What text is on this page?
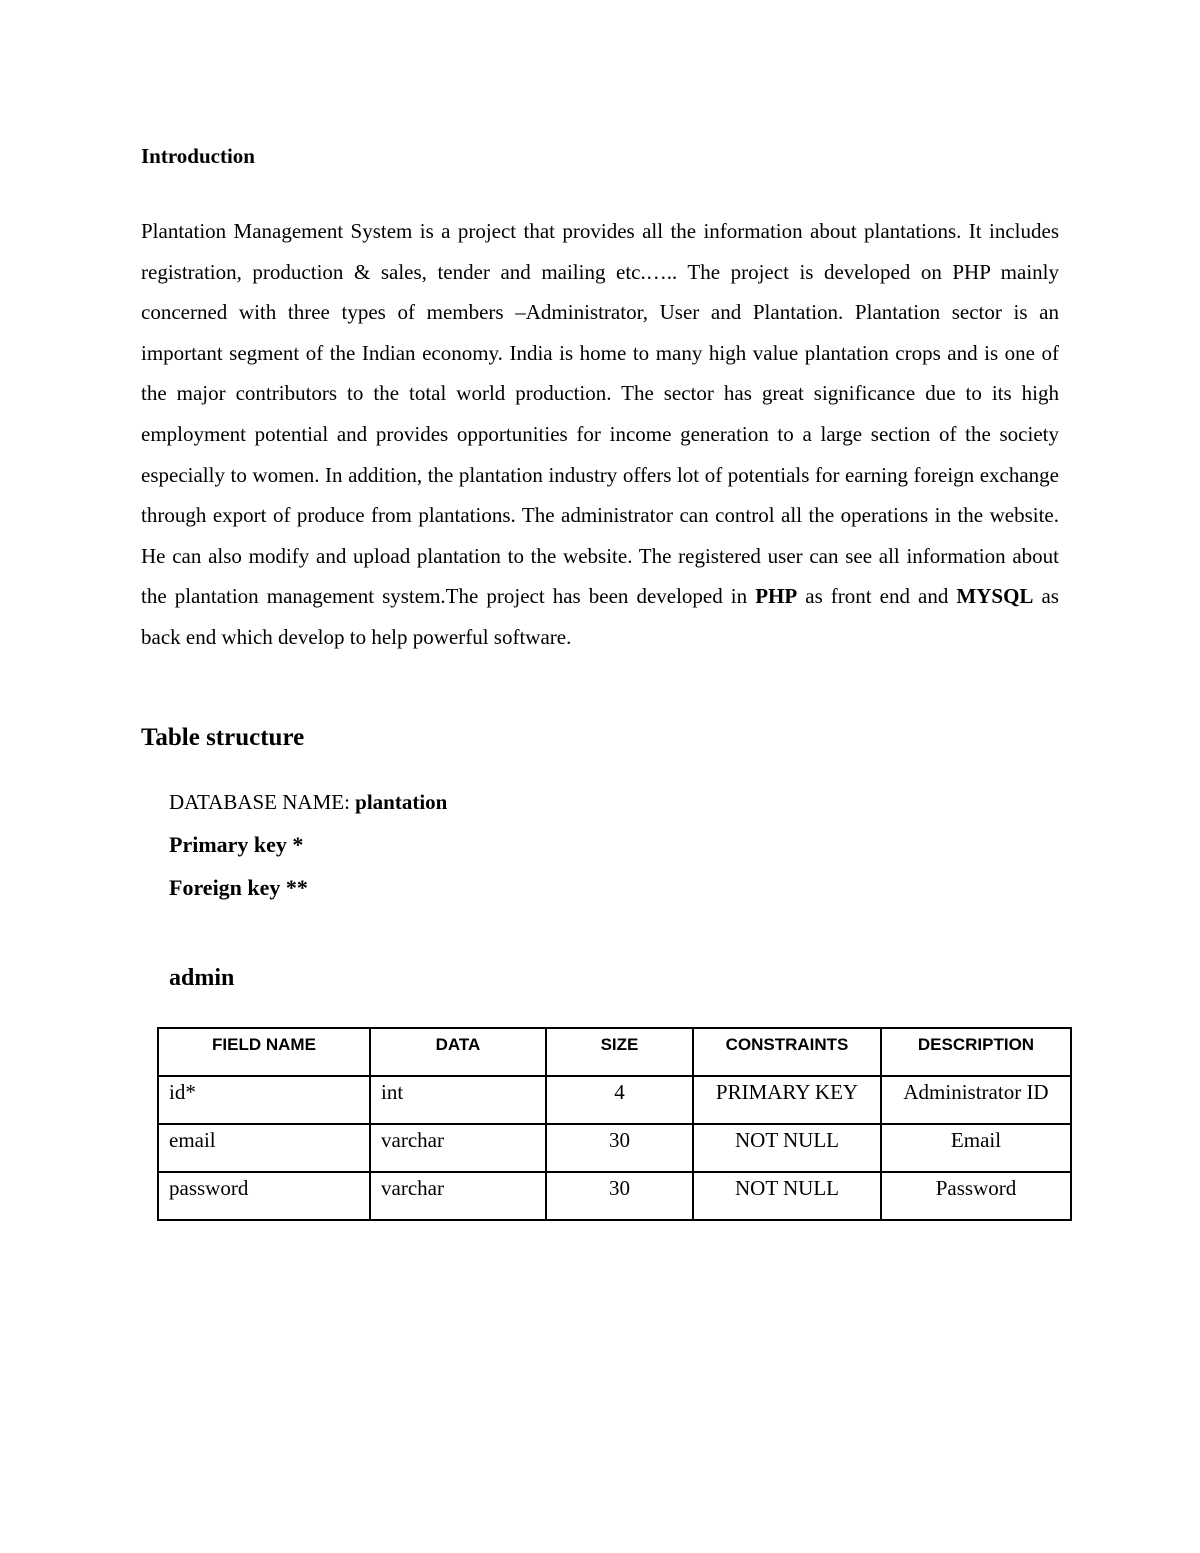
Introduction

Plantation Management System is a project that provides all the information about plantations. It includes registration, production & sales, tender and mailing etc.….. The project is developed on PHP mainly concerned with three types of members –Administrator, User and Plantation. Plantation sector is an important segment of the Indian economy. India is home to many high value plantation crops and is one of the major contributors to the total world production. The sector has great significance due to its high employment potential and provides opportunities for income generation to a large section of the society especially to women. In addition, the plantation industry offers lot of potentials for earning foreign exchange through export of produce from plantations. The administrator can control all the operations in the website. He can also modify and upload plantation to the website. The registered user can see all information about the plantation management system.The project has been developed in PHP as front end and MYSQL as back end which develop to help powerful software.

Table structure
DATABASE NAME: plantation
Primary key *
Foreign key **
admin
FIELD NAME	DATA	SIZE	CONSTRAINTS	DESCRIPTION
id*	int	4	PRIMARY KEY	Administrator ID
email	varchar	30	NOT NULL	Email
password	varchar	30	NOT NULL	Password
